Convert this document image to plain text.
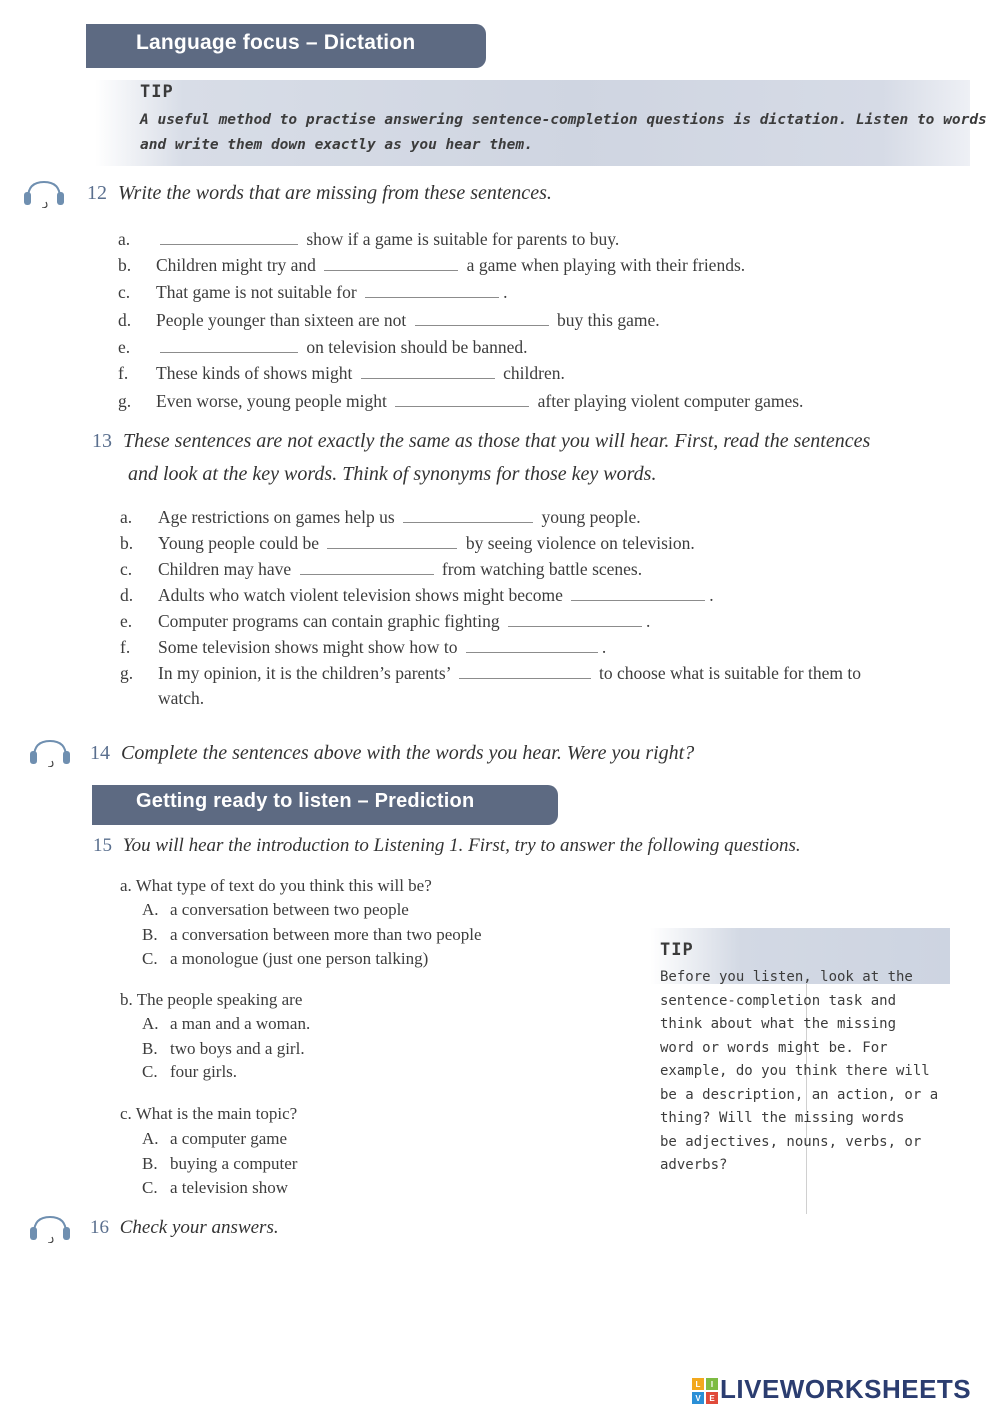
Language focus – Dictation
TIP
A useful method to practise answering sentence-completion questions is dictation. Listen to words
and write them down exactly as you hear them.
12 Write the words that are missing from these sentences.
a.	show if a game is suitable for parents to buy.
b. Children might try and	a game when playing with their friends.
c. That game is not suitable for	.
d. People younger than sixteen are not	buy this game.
e.	on television should be banned.
f. These kinds of shows might	children.
g. Even worse, young people might	after playing violent computer games.
13 These sentences are not exactly the same as those that you will hear. First, read the sentences
and look at the key words. Think of synonyms for those key words.
a. Age restrictions on games help us	young people.
b. Young people could be	by seeing violence on television.
c. Children may have	from watching battle scenes.
d. Adults who watch violent television shows might become	.
e. Computer programs can contain graphic fighting	.
f. Some television shows might show how to	.
g. In my opinion, it is the children’s parents’	to choose what is suitable for them to
watch.
14 Complete the sentences above with the words you hear. Were you right?
Getting ready to listen – Prediction
15 You will hear the introduction to Listening 1. First, try to answer the following questions.
a. What type of text do you think this will be?
A. a conversation between two people
B. a conversation between more than two people
C. a monologue (just one person talking)
b. The people speaking are
A. a man and a woman.
B. two boys and a girl.
C. four girls.
c. What is the main topic?
A. a computer game
B. buying a computer
C. a television show
TIP
Before you listen, look at the
sentence-completion task and
think about what the missing
word or words might be. For
example, do you think there will
be a description, an action, or a
thing? Will the missing words
be adjectives, nouns, verbs, or
adverbs?
16 Check your answers.
L I
V E LIVEWORKSHEETS
